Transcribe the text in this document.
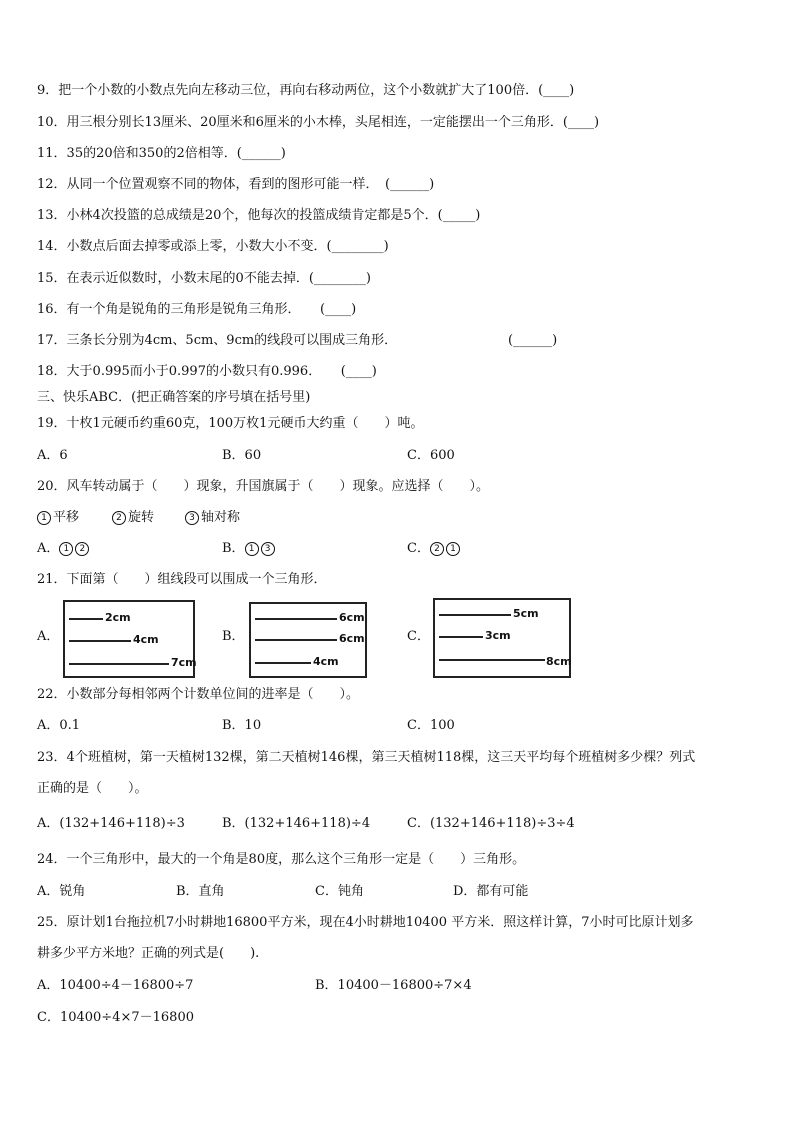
9．把一个小数的小数点先向左移动三位，再向右移动两位，这个小数就扩大了100倍．(____)
10．用三根分别长13厘米、20厘米和6厘米的小木棒，头尾相连，一定能摆出一个三角形．(____)
11．35的20倍和350的2倍相等．(______)
12．从同一个位置观察不同的物体，看到的图形可能一样．　(______)
13．小林4次投篮的总成绩是20个，他每次的投篮成绩肯定都是5个．(_____)
14．小数点后面去掉零或添上零，小数大小不变．(________)
15．在表示近似数时，小数末尾的0不能去掉．(________)
16．有一个角是锐角的三角形是锐角三角形．　　(____)
17．三条长分别为4cm、5cm、9cm的线段可以围成三角形．	(______)
18．大于0.995而小于0.997的小数只有0.996．　　(____)
三、快乐ABC．(把正确答案的序号填在括号里)
19．十枚1元硬币约重60克，100万枚1元硬币大约重（　　）吨。
A．6	B．60	C．600
20．风车转动属于（　　）现象，升国旗属于（　　）现象。应选择（　　）。
1 平移	2 旋转	3 轴对称
A． 1 2	B． 1 3	C． 2 1
21．下面第（　　）组线段可以围成一个三角形．
A．
2cm
4cm
7cm
B．
6cm
6cm
4cm
C．
5cm
3cm
8cm
22．小数部分每相邻两个计数单位间的进率是（　　）。
A．0.1	B．10	C．100
23．4个班植树，第一天植树132棵，第二天植树146棵，第三天植树118棵，这三天平均每个班植树多少棵？列式
正确的是（　　）。
A．(132+146+118)÷3	B．(132+146+118)÷4	C．(132+146+118)÷3÷4
24．一个三角形中，最大的一个角是80度，那么这个三角形一定是（　　）三角形。
A．锐角	B．直角	C．钝角	D．都有可能
25．原计划1台拖拉机7小时耕地16800平方米，现在4小时耕地10400 平方米．照这样计算，7小时可比原计划多
耕多少平方米地？正确的列式是(　　).
A．10400÷4－16800÷7	B．10400－16800÷7×4
C．10400÷4×7－16800
